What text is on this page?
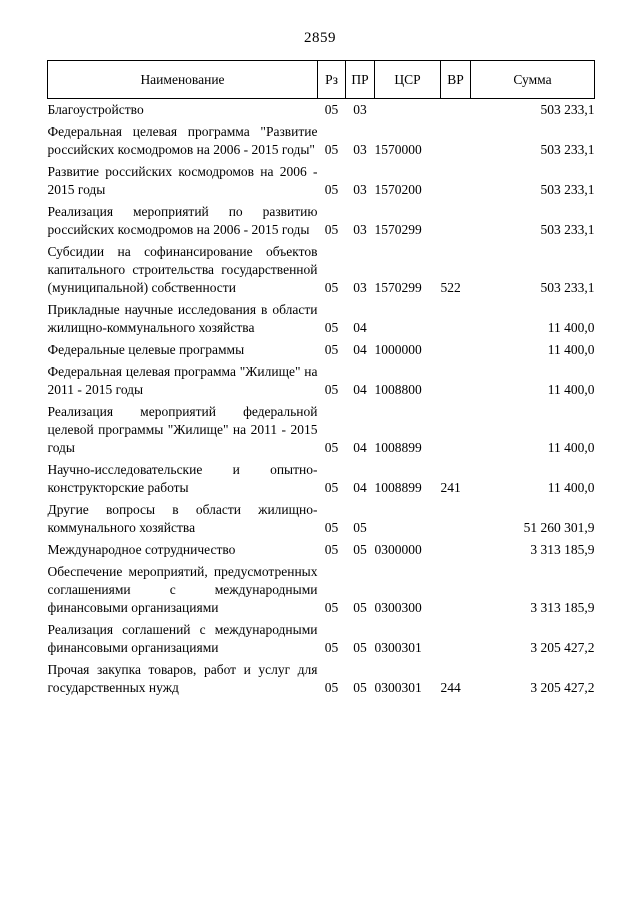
2859
Наименование	Рз	ПР	ЦСР	ВР	Сумма
Благоустройство	05	03			503 233,1
Федеральная целевая программа "Развитие российских космодромов на 2006 - 2015 годы"	05	03	1570000		503 233,1
Развитие российских космодромов на 2006 - 2015 годы	05	03	1570200		503 233,1
Реализация мероприятий по развитию российских космодромов на 2006 - 2015 годы	05	03	1570299		503 233,1
Субсидии на софинансирование объектов капитального строительства государственной (муниципальной) собственности	05	03	1570299	522	503 233,1
Прикладные научные исследования в области жилищно-коммунального хозяйства	05	04			11 400,0
Федеральные целевые программы	05	04	1000000		11 400,0
Федеральная целевая программа "Жилище" на 2011 - 2015 годы	05	04	1008800		11 400,0
Реализация мероприятий федеральной целевой программы "Жилище" на 2011 - 2015 годы	05	04	1008899		11 400,0
Научно-исследовательские и опытно-конструкторские работы	05	04	1008899	241	11 400,0
Другие вопросы в области жилищно-коммунального хозяйства	05	05			51 260 301,9
Международное сотрудничество	05	05	0300000		3 313 185,9
Обеспечение мероприятий, предусмотренных соглашениями с международными финансовыми организациями	05	05	0300300		3 313 185,9
Реализация соглашений с международными финансовыми организациями	05	05	0300301		3 205 427,2
Прочая закупка товаров, работ и услуг для государственных нужд	05	05	0300301	244	3 205 427,2
